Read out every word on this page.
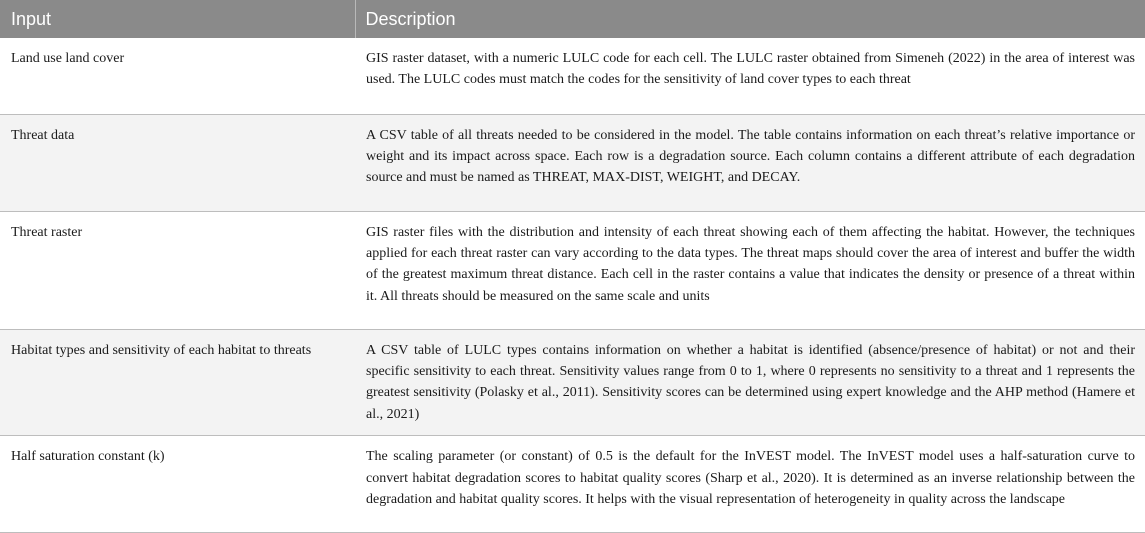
Input	Description
Land use land cover	GIS raster dataset, with a numeric LULC code for each cell. The LULC raster obtained from Simeneh (2022) in the area of interest was used. The LULC codes must match the codes for the sensitivity of land cover types to each threat
Threat data	A CSV table of all threats needed to be considered in the model. The table contains information on each threat’s relative importance or weight and its impact across space. Each row is a degradation source. Each column contains a different attribute of each degradation source and must be named as THREAT, MAX-DIST, WEIGHT, and DECAY.
Threat raster	GIS raster files with the distribution and intensity of each threat showing each of them affecting the habitat. However, the techniques applied for each threat raster can vary according to the data types. The threat maps should cover the area of interest and buffer the width of the greatest maximum threat distance. Each cell in the raster contains a value that indicates the density or presence of a threat within it. All threats should be measured on the same scale and units
Habitat types and sensitivity of each habitat to threats	A CSV table of LULC types contains information on whether a habitat is identified (absence/presence of habitat) or not and their specific sensitivity to each threat. Sensitivity values range from 0 to 1, where 0 represents no sensitivity to a threat and 1 represents the greatest sensitivity (Polasky et al., 2011). Sensitivity scores can be determined using expert knowledge and the AHP method (Hamere et al., 2021)
Half saturation constant (k)	The scaling parameter (or constant) of 0.5 is the default for the InVEST model. The InVEST model uses a half-saturation curve to convert habitat degradation scores to habitat quality scores (Sharp et al., 2020). It is determined as an inverse relationship between the degradation and habitat quality scores. It helps with the visual representation of heterogeneity in quality across the landscape
